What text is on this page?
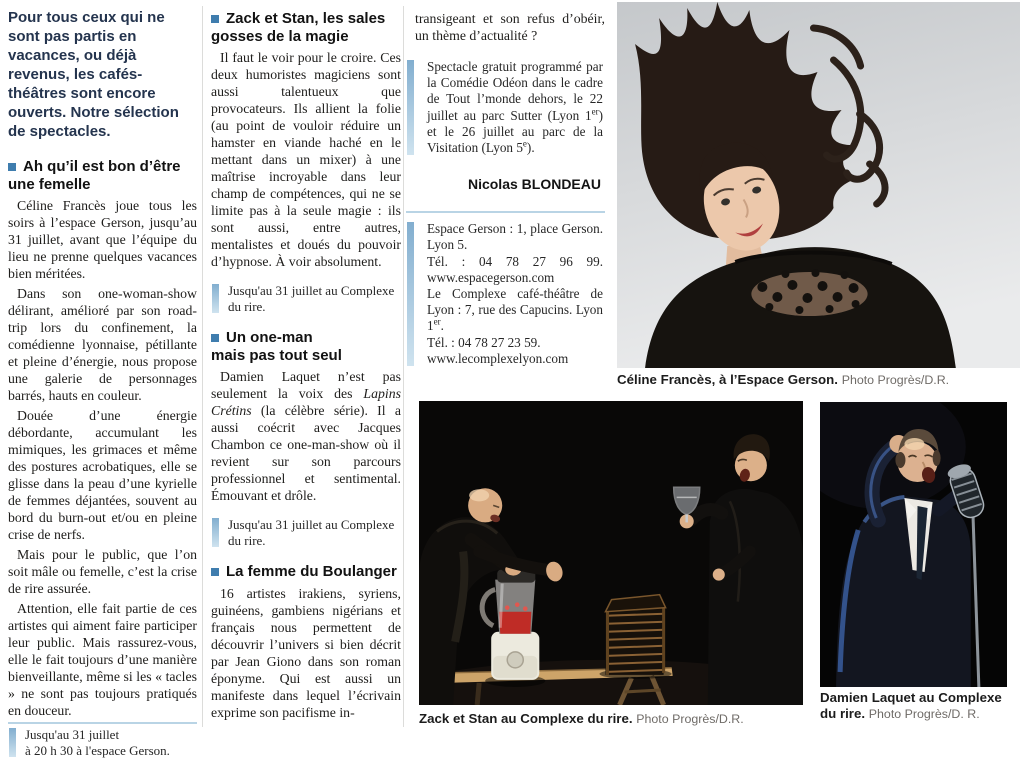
Pour tous ceux qui ne sont pas partis en vacances, ou déjà revenus, les cafés-théâtres sont encore ouverts. Notre sélection de spectacles.

Ah qu’il est bon d’être
une femelle

Céline Francès joue tous les soirs à l’espace Gerson, jusqu’au 31 juillet, avant que l’équipe du lieu ne prenne quelques vacances bien méritées.

Dans son one-woman-show délirant, amélioré par son road-trip lors du confinement, la comédienne lyonnaise, pétillante et pleine d’énergie, nous propose une galerie de personnages barrés, hauts en couleur.

Douée d’une énergie débordante, accumulant les mimiques, les grimaces et même des postures acrobatiques, elle se glisse dans la peau d’une kyrielle de femmes déjantées, souvent au bord du burn-out et/ou en pleine crise de nerfs.

Mais pour le public, que l’on soit mâle ou femelle, c’est la crise de rire assurée.

Attention, elle fait partie de ces artistes qui aiment faire participer leur public. Mais rassurez-vous, elle le fait toujours d’une manière bienveillante, même si les « tacles » ne sont pas toujours pratiqués en douceur.

Jusqu'au 31 juillet
à 20 h 30 à l'espace Gerson.
Zack et Stan, les sales
gosses de la magie

Il faut le voir pour le croire. Ces deux humoristes magiciens sont aussi talentueux que provocateurs. Ils allient la folie (au point de vouloir réduire un hamster en viande haché en le mettant dans un mixer) à une maîtrise incroyable dans leur champ de compétences, qui ne se limite pas à la seule magie : ils sont aussi, entre autres, mentalistes et doués du pouvoir d’hypnose. À voir absolument.

Jusqu'au 31 juillet au Complexe du rire.
Un one-man
mais pas tout seul

Damien Laquet n’est pas seulement la voix des Lapins Crétins (la célèbre série). Il a aussi coécrit avec Jacques Chambon ce one-man-show où il revient sur son parcours professionnel et sentimental. Émouvant et drôle.

Jusqu'au 31 juillet au Complexe du rire.
La femme du Boulanger

16 artistes irakiens, syriens, guinéens, gambiens nigérians et français nous permettent de découvrir l’univers si bien décrit par Jean Giono dans son roman éponyme. Qui est aussi un manifeste dans lequel l’écrivain exprime son pacifisme in-

transigeant et son refus d’obéir, un thème d’actualité ?

Spectacle gratuit programmé par la Comédie Odéon dans le cadre de Tout l’monde dehors, le 22 juillet au parc Sutter (Lyon 1er) et le 26 juillet au parc de la Visitation (Lyon 5e).

Nicolas BLONDEAU

Espace Gerson : 1, place Gerson. Lyon 5.
Tél. : 04 78 27 96 99. www.espacegerson.com
Le Complexe café-théâtre de Lyon : 7, rue des Capucins. Lyon 1er.
Tél. : 04 78 27 23 59.
www.lecomplexelyon.com

Céline Francès, à l’Espace Gerson. Photo Progrès/D.R.

Zack et Stan au Complexe du rire. Photo Progrès/D.R.

Damien Laquet au Complexe du rire. Photo Progrès/D. R.
